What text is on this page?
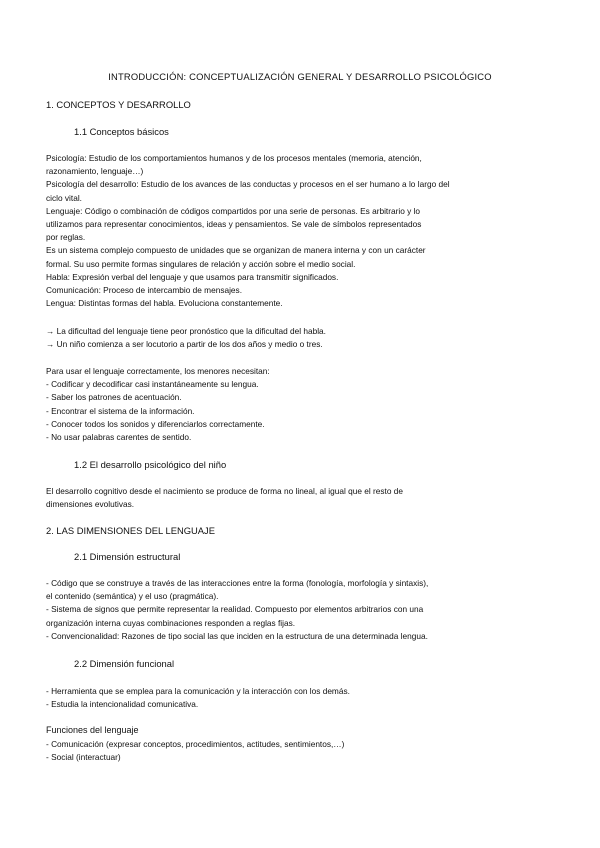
INTRODUCCIÓN: CONCEPTUALIZACIÓN GENERAL Y DESARROLLO PSICOLÓGICO
1. CONCEPTOS Y DESARROLLO
1.1 Conceptos básicos
Psicología: Estudio de los comportamientos humanos y de los procesos mentales (memoria, atención,
razonamiento, lenguaje…)
Psicología del desarrollo: Estudio de los avances de las conductas y procesos en el ser humano a lo largo del
ciclo vital.
Lenguaje: Código o combinación de códigos compartidos por una serie de personas. Es arbitrario y lo
utilizamos para representar conocimientos, ideas y pensamientos. Se vale de símbolos representados
por reglas.
Es un sistema complejo compuesto de unidades que se organizan de manera interna y con un carácter
formal. Su uso permite formas singulares de relación y acción sobre el medio social.
Habla: Expresión verbal del lenguaje y que usamos para transmitir significados.
Comunicación: Proceso de intercambio de mensajes.
Lengua: Distintas formas del habla. Evoluciona constantemente.
→ La dificultad del lenguaje tiene peor pronóstico que la dificultad del habla.
→ Un niño comienza a ser locutorio a partir de los dos años y medio o tres.
Para usar el lenguaje correctamente, los menores necesitan:
- Codificar y decodificar casi instantáneamente su lengua.
- Saber los patrones de acentuación.
- Encontrar el sistema de la información.
- Conocer todos los sonidos y diferenciarlos correctamente.
- No usar palabras carentes de sentido.
1.2 El desarrollo psicológico del niño
El desarrollo cognitivo desde el nacimiento se produce de forma no lineal, al igual que el resto de
dimensiones evolutivas.
2. LAS DIMENSIONES DEL LENGUAJE
2.1 Dimensión estructural
- Código que se construye a través de las interacciones entre la forma (fonología, morfología y sintaxis),
el contenido (semántica) y el uso (pragmática).
- Sistema de signos que permite representar la realidad. Compuesto por elementos arbitrarios con una
organización interna cuyas combinaciones responden a reglas fijas.
- Convencionalidad: Razones de tipo social las que inciden en la estructura de una determinada lengua.
2.2 Dimensión funcional
- Herramienta que se emplea para la comunicación y la interacción con los demás.
- Estudia la intencionalidad comunicativa.
Funciones del lenguaje
- Comunicación (expresar conceptos, procedimientos, actitudes, sentimientos,…)
- Social (interactuar)
